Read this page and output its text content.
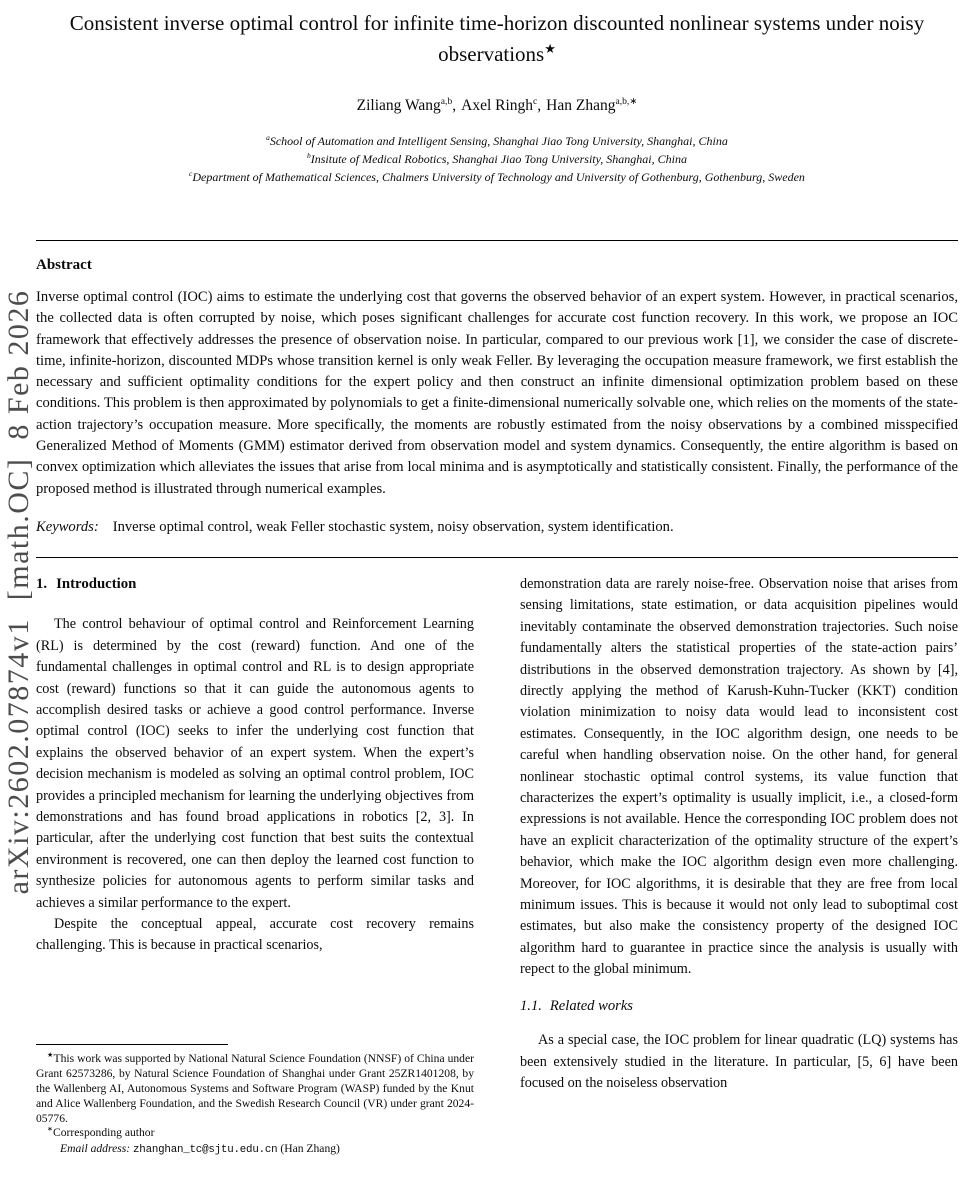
arXiv:2602.07874v1  [math.OC]  8 Feb 2026
Consistent inverse optimal control for infinite time-horizon discounted nonlinear systems under noisy observations★
Ziliang Wang$^{a,b}$, Axel Ringh$^c$, Han Zhang$^{a,b,∗}$
$^a$School of Automation and Intelligent Sensing, Shanghai Jiao Tong University, Shanghai, China
$^b$Insitute of Medical Robotics, Shanghai Jiao Tong University, Shanghai, China
$^c$Department of Mathematical Sciences, Chalmers University of Technology and University of Gothenburg, Gothenburg, Sweden
Abstract
Inverse optimal control (IOC) aims to estimate the underlying cost that governs the observed behavior of an expert system. However, in practical scenarios, the collected data is often corrupted by noise, which poses significant challenges for accurate cost function recovery. In this work, we propose an IOC framework that effectively addresses the presence of observation noise. In particular, compared to our previous work [1], we consider the case of discrete-time, infinite-horizon, discounted MDPs whose transition kernel is only weak Feller. By leveraging the occupation measure framework, we first establish the necessary and sufficient optimality conditions for the expert policy and then construct an infinite dimensional optimization problem based on these conditions. This problem is then approximated by polynomials to get a finite-dimensional numerically solvable one, which relies on the moments of the state-action trajectory’s occupation measure. More specifically, the moments are robustly estimated from the noisy observations by a combined misspecified Generalized Method of Moments (GMM) estimator derived from observation model and system dynamics. Consequently, the entire algorithm is based on convex optimization which alleviates the issues that arise from local minima and is asymptotically and statistically consistent. Finally, the performance of the proposed method is illustrated through numerical examples.
Keywords: Inverse optimal control, weak Feller stochastic system, noisy observation, system identification.
1. Introduction

The control behaviour of optimal control and Reinforcement Learning (RL) is determined by the cost (reward) function. And one of the fundamental challenges in optimal control and RL is to design appropriate cost (reward) functions so that it can guide the autonomous agents to accomplish desired tasks or achieve a good control performance. Inverse optimal control (IOC) seeks to infer the underlying cost function that explains the observed behavior of an expert system. When the expert’s decision mechanism is modeled as solving an optimal control problem, IOC provides a principled mechanism for learning the underlying objectives from demonstrations and has found broad applications in robotics [2, 3]. In particular, after the underlying cost function that best suits the contextual environment is recovered, one can then deploy the learned cost function to synthesize policies for autonomous agents to perform similar tasks and achieves a similar performance to the expert.

Despite the conceptual appeal, accurate cost recovery remains challenging. This is because in practical scenarios,

★This work was supported by National Natural Science Foundation (NNSF) of China under Grant 62573286, by Natural Science Foundation of Shanghai under Grant 25ZR1401208, by the Wallenberg AI, Autonomous Systems and Software Program (WASP) funded by the Knut and Alice Wallenberg Foundation, and the Swedish Research Council (VR) under grant 2024-05776.

∗Corresponding author

Email address: zhanghan_tc@sjtu.edu.cn (Han Zhang)

demonstration data are rarely noise-free. Observation noise that arises from sensing limitations, state estimation, or data acquisition pipelines would inevitably contaminate the observed demonstration trajectories. Such noise fundamentally alters the statistical properties of the state-action pairs’ distributions in the observed demonstration trajectory. As shown by [4], directly applying the method of Karush-Kuhn-Tucker (KKT) condition violation minimization to noisy data would lead to inconsistent cost estimates. Consequently, in the IOC algorithm design, one needs to be careful when handling observation noise. On the other hand, for general nonlinear stochastic optimal control systems, its value function that characterizes the expert’s optimality is usually implicit, i.e., a closed-form expressions is not available. Hence the corresponding IOC problem does not have an explicit characterization of the optimality structure of the expert’s behavior, which make the IOC algorithm design even more challenging. Moreover, for IOC algorithms, it is desirable that they are free from local minimum issues. This is because it would not only lead to suboptimal cost estimates, but also make the consistency property of the designed IOC algorithm hard to guarantee in practice since the analysis is usually with repect to the global minimum.

1.1. Related works

As a special case, the IOC problem for linear quadratic (LQ) systems has been extensively studied in the literature. In particular, [5, 6] have been focused on the noiseless observation
